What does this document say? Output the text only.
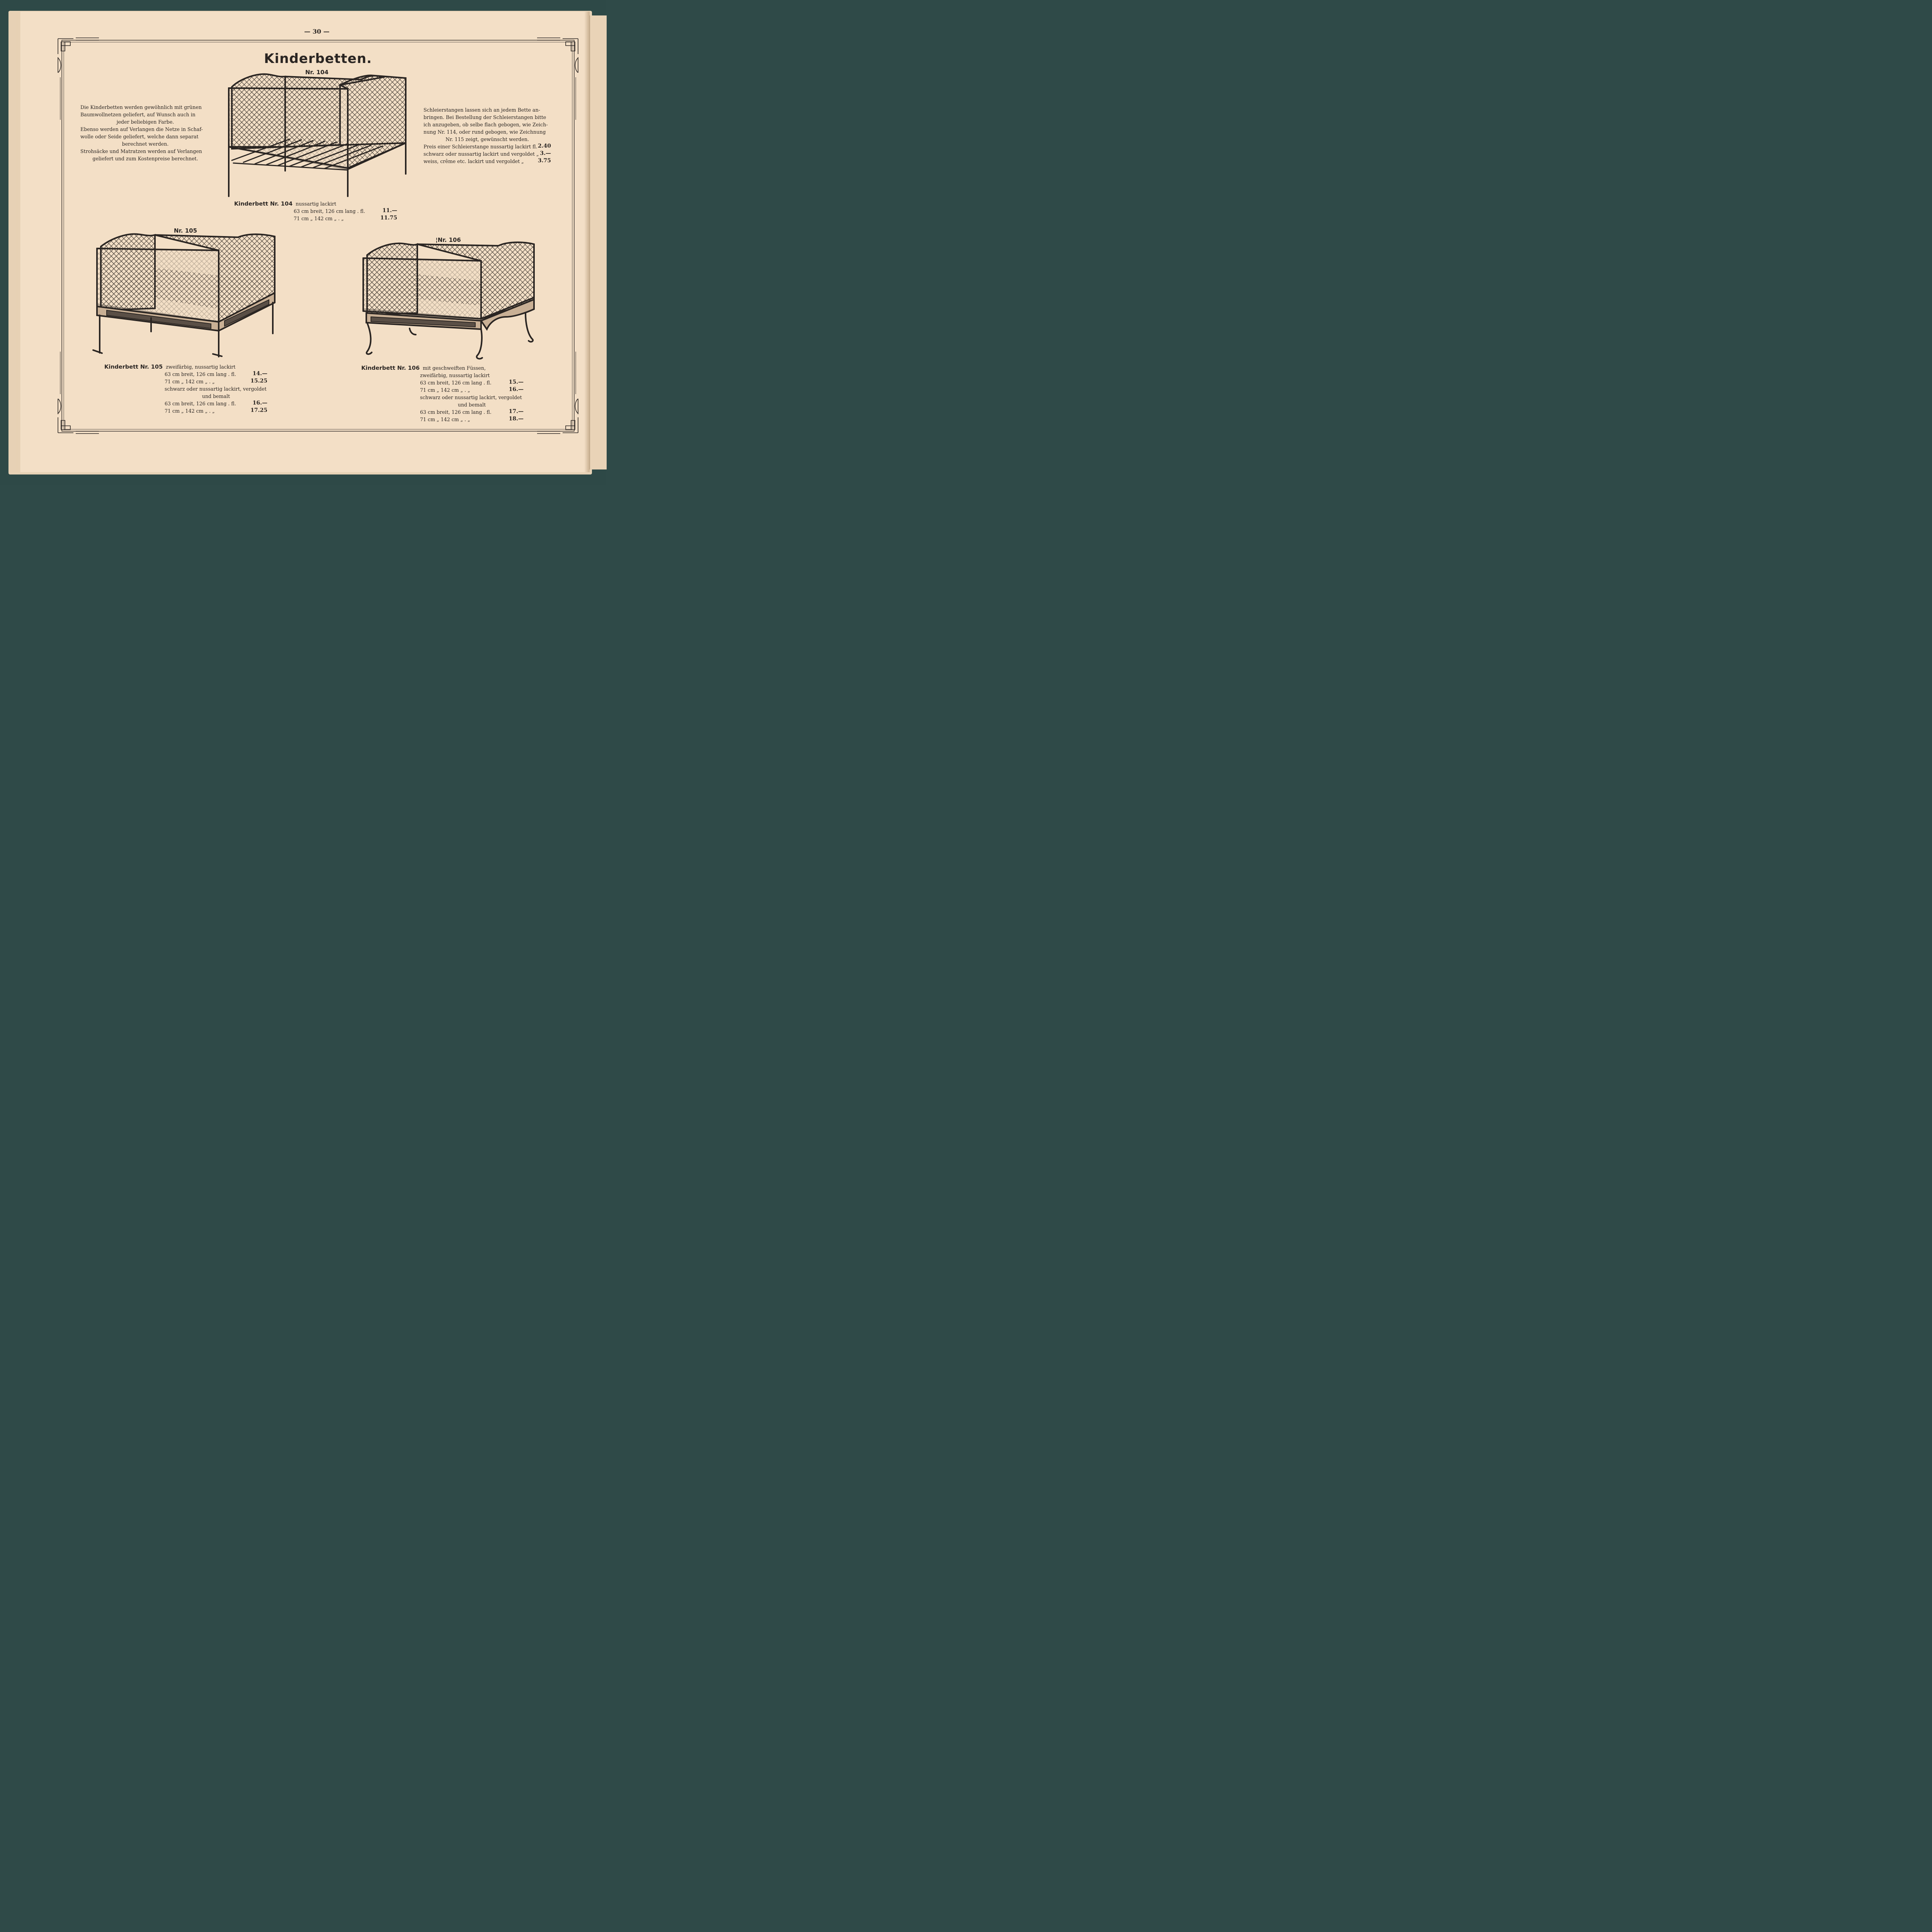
— 30 —
Kinderbetten.
Die Kinderbetten werden gewöhnlich mit grünen
Baumwollnetzen geliefert, auf Wunsch auch in
jeder beliebigen Farbe.
Ebenso werden auf Verlangen die Netze in Schaf-
wolle oder Seide geliefert, welche dann separat
berechnet werden.
Strohsäcke und Matratzen werden auf Verlangen
geliefert und zum Kostenpreise berechnet.
Schleierstangen lassen sich an jedem Bette an-
bringen. Bei Bestellung der Schleierstangen bitte
ich anzugeben, ob selbe flach gebogen, wie Zeich-
nung Nr. 114, oder rund gebogen, wie Zeichnung
Nr. 115 zeigt, gewünscht werden.
Preis einer Schleierstange nussartig lackirt fl. 2.40
schwarz oder nussartig lackirt und vergoldet „ 3.—
weiss, crême etc. lackirt und vergoldet „	3.75
Nr. 104
Kinderbett Nr. 104 nussartig lackirt
63 cm breit, 126 cm lang . fl.	11.—
71 cm „ 142 cm „ . „	11.75
Nr. 105
Kinderbett Nr. 105 zweifärbig, nussartig lackirt
63 cm breit, 126 cm lang . fl.	14.—
71 cm „ 142 cm „ . „	15.25
schwarz oder nussartig lackirt, vergoldet
und bemalt
63 cm breit, 126 cm lang . fl.	16.—
71 cm „ 142 cm „ . „	17.25
¦Nr. 106
Kinderbett Nr. 106 mit geschweiften Füssen,
zweifärbig, nussartig lackirt
63 cm breit, 126 cm lang . fl.	15.—
71 cm „ 142 cm „ . „	16.—
schwarz oder nussartig lackirt, vergoldet
und bemalt
63 cm breit, 126 cm lang . fl.	17.—
71 cm „ 142 cm „ . „	18.—
